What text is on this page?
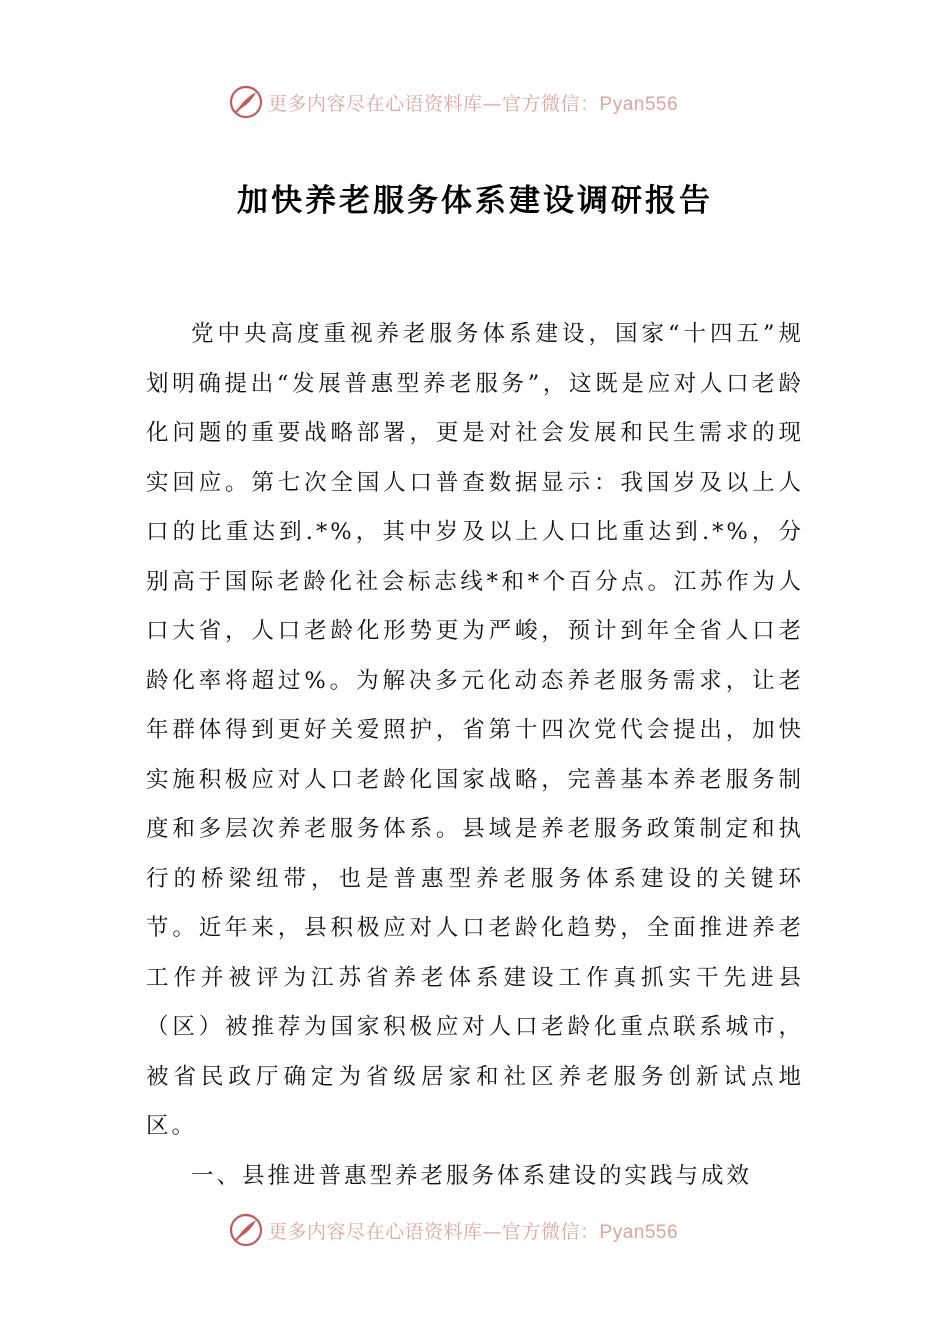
更多内容尽在心语资料库—官方微信：Pyan556
加快养老服务体系建设调研报告

党中央高度重视养老服务体系建设，国家“十四五”规划明确提出“发展普惠型养老服务”，这既是应对人口老龄化问题的重要战略部署，更是对社会发展和民生需求的现实回应。第七次全国人口普查数据显示：我国岁及以上人口的比重达到.*%，其中岁及以上人口比重达到.*%，分别高于国际老龄化社会标志线*和*个百分点。江苏作为人口大省，人口老龄化形势更为严峻，预计到年全省人口老龄化率将超过%。为解决多元化动态养老服务需求，让老年群体得到更好关爱照护，省第十四次党代会提出，加快实施积极应对人口老龄化国家战略，完善基本养老服务制度和多层次养老服务体系。县域是养老服务政策制定和执行的桥梁纽带，也是普惠型养老服务体系建设的关键环节。近年来，县积极应对人口老龄化趋势，全面推进养老工作并被评为江苏省养老体系建设工作真抓实干先进县（区）被推荐为国家积极应对人口老龄化重点联系城市，被省民政厅确定为省级居家和社区养老服务创新试点地区。

一、县推进普惠型养老服务体系建设的实践与成效

更多内容尽在心语资料库—官方微信：Pyan556
